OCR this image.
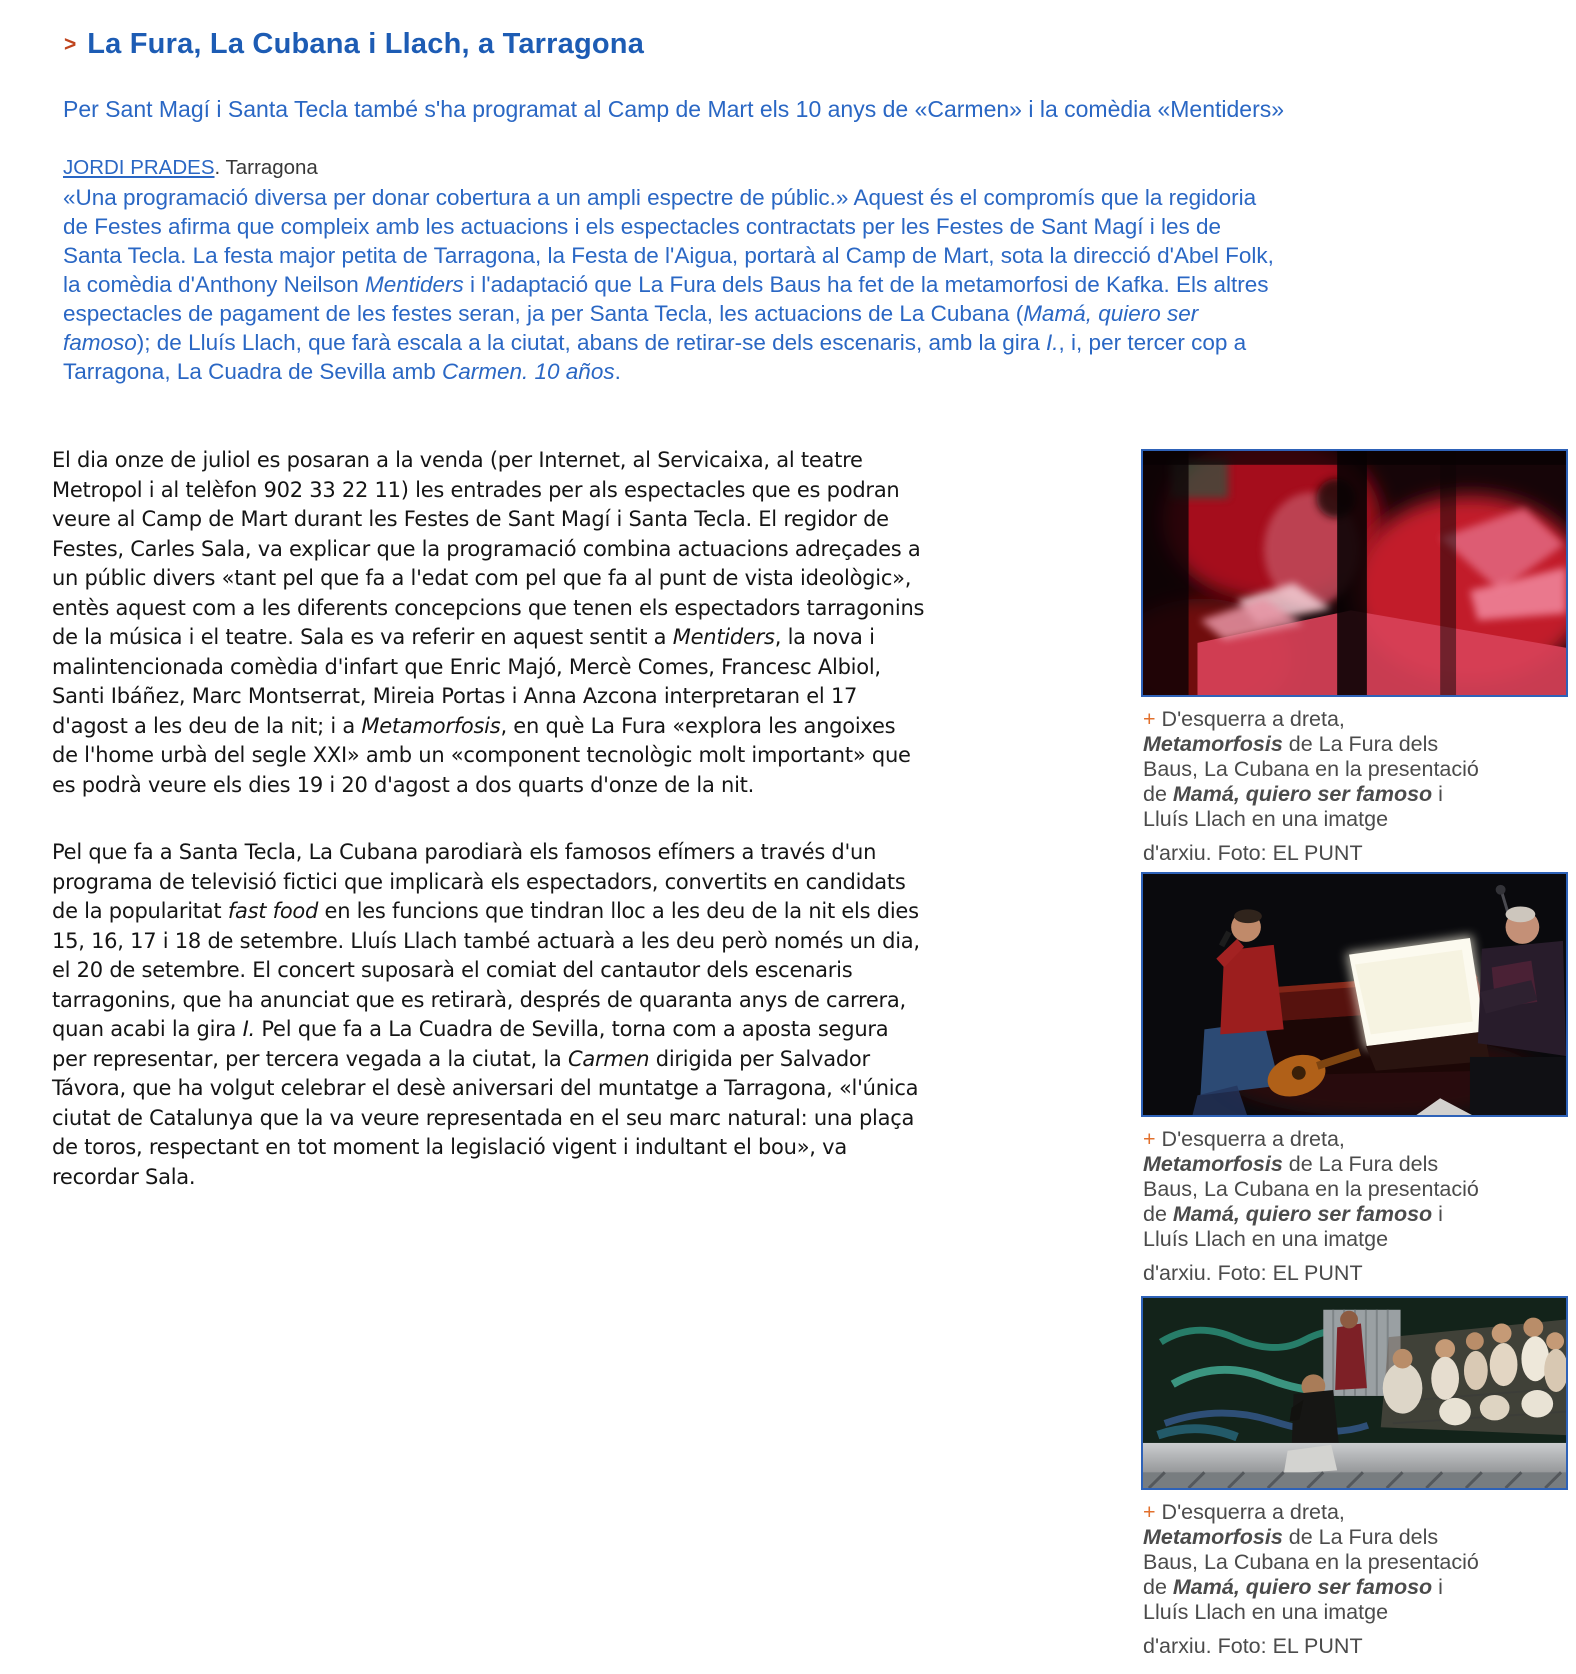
> La Fura, La Cubana i Llach, a Tarragona
Per Sant Magí i Santa Tecla també s'ha programat al Camp de Mart els 10 anys de «Carmen» i la comèdia «Mentiders»
JORDI PRADES. Tarragona

«Una programació diversa per donar cobertura a un ampli espectre de públic.» Aquest és el compromís que la regidoria
de Festes afirma que compleix amb les actuacions i els espectacles contractats per les Festes de Sant Magí i les de
Santa Tecla. La festa major petita de Tarragona, la Festa de l'Aigua, portarà al Camp de Mart, sota la direcció d'Abel Folk,
la comèdia d'Anthony Neilson Mentiders i l'adaptació que La Fura dels Baus ha fet de la metamorfosi de Kafka. Els altres
espectacles de pagament de les festes seran, ja per Santa Tecla, les actuacions de La Cubana (Mamá, quiero ser
famoso); de Lluís Llach, que farà escala a la ciutat, abans de retirar-se dels escenaris, amb la gira I., i, per tercer cop a
Tarragona, La Cuadra de Sevilla amb Carmen. 10 años.

El dia onze de juliol es posaran a la venda (per Internet, al Servicaixa, al teatre
Metropol i al telèfon 902 33 22 11) les entrades per als espectacles que es podran
veure al Camp de Mart durant les Festes de Sant Magí i Santa Tecla. El regidor de
Festes, Carles Sala, va explicar que la programació combina actuacions adreçades a
un públic divers «tant pel que fa a l'edat com pel que fa al punt de vista ideològic»,
entès aquest com a les diferents concepcions que tenen els espectadors tarragonins
de la música i el teatre. Sala es va referir en aquest sentit a Mentiders, la nova i
malintencionada comèdia d'infart que Enric Majó, Mercè Comes, Francesc Albiol,
Santi Ibáñez, Marc Montserrat, Mireia Portas i Anna Azcona interpretaran el 17
d'agost a les deu de la nit; i a Metamorfosis, en què La Fura «explora les angoixes
de l'home urbà del segle XXI» amb un «component tecnològic molt important» que
es podrà veure els dies 19 i 20 d'agost a dos quarts d'onze de la nit.

Pel que fa a Santa Tecla, La Cubana parodiarà els famosos efímers a través d'un
programa de televisió fictici que implicarà els espectadors, convertits en candidats
de la popularitat fast food en les funcions que tindran lloc a les deu de la nit els dies
15, 16, 17 i 18 de setembre. Lluís Llach també actuarà a les deu però només un dia,
el 20 de setembre. El concert suposarà el comiat del cantautor dels escenaris
tarragonins, que ha anunciat que es retirarà, després de quaranta anys de carrera,
quan acabi la gira I. Pel que fa a La Cuadra de Sevilla, torna com a aposta segura
per representar, per tercera vegada a la ciutat, la Carmen dirigida per Salvador
Távora, que ha volgut celebrar el desè aniversari del muntatge a Tarragona, «l'única
ciutat de Catalunya que la va veure representada en el seu marc natural: una plaça
de toros, respectant en tot moment la legislació vigent i indultant el bou», va
recordar Sala.

+ D'esquerra a dreta,
Metamorfosis de La Fura dels
Baus, La Cubana en la presentació
de Mamá, quiero ser famoso i
Lluís Llach en una imatge
d'arxiu. Foto: EL PUNT
+ D'esquerra a dreta,
Metamorfosis de La Fura dels
Baus, La Cubana en la presentació
de Mamá, quiero ser famoso i
Lluís Llach en una imatge
d'arxiu. Foto: EL PUNT
+ D'esquerra a dreta,
Metamorfosis de La Fura dels
Baus, La Cubana en la presentació
de Mamá, quiero ser famoso i
Lluís Llach en una imatge
d'arxiu. Foto: EL PUNT
